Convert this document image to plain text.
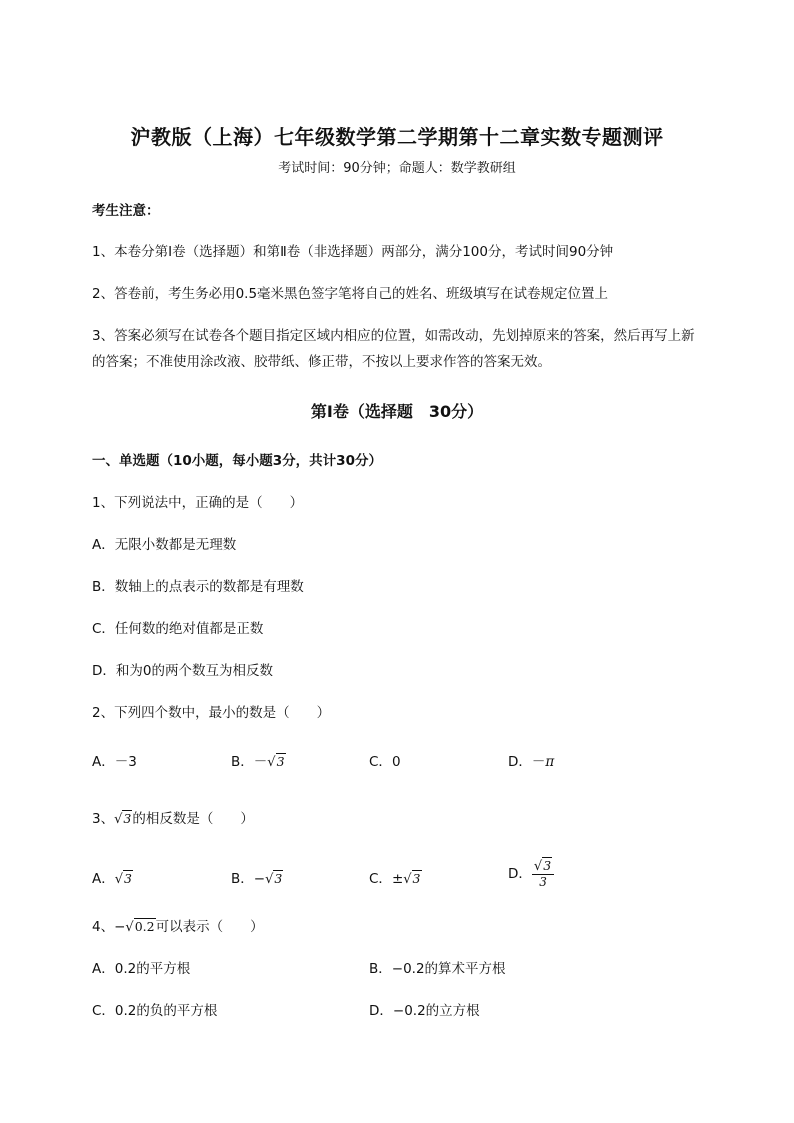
沪教版（上海）七年级数学第二学期第十二章实数专题测评
考试时间：90分钟；命题人：数学教研组
考生注意：
1、本卷分第I卷（选择题）和第Ⅱ卷（非选择题）两部分，满分100分，考试时间90分钟
2、答卷前，考生务必用0.5毫米黑色签字笔将自己的姓名、班级填写在试卷规定位置上
3、答案必须写在试卷各个题目指定区域内相应的位置，如需改动，先划掉原来的答案，然后再写上新
的答案；不准使用涂改液、胶带纸、修正带，不按以上要求作答的答案无效。
第I卷（选择题　30分）
一、单选题（10小题，每小题3分，共计30分）
1、下列说法中，正确的是（　　）
A．无限小数都是无理数
B．数轴上的点表示的数都是有理数
C．任何数的绝对值都是正数
D．和为0的两个数互为相反数
2、下列四个数中，最小的数是（　　）
A．－3	B．－√3	C．0	D．－π
3、√3的相反数是（　　）
A．√3	B．−√3	C．±√3	D． $\frac{√3}{3}$
4、−√0.2可以表示（　　）
A．0.2的平方根	B．−0.2的算术平方根
C．0.2的负的平方根	D．−0.2的立方根
